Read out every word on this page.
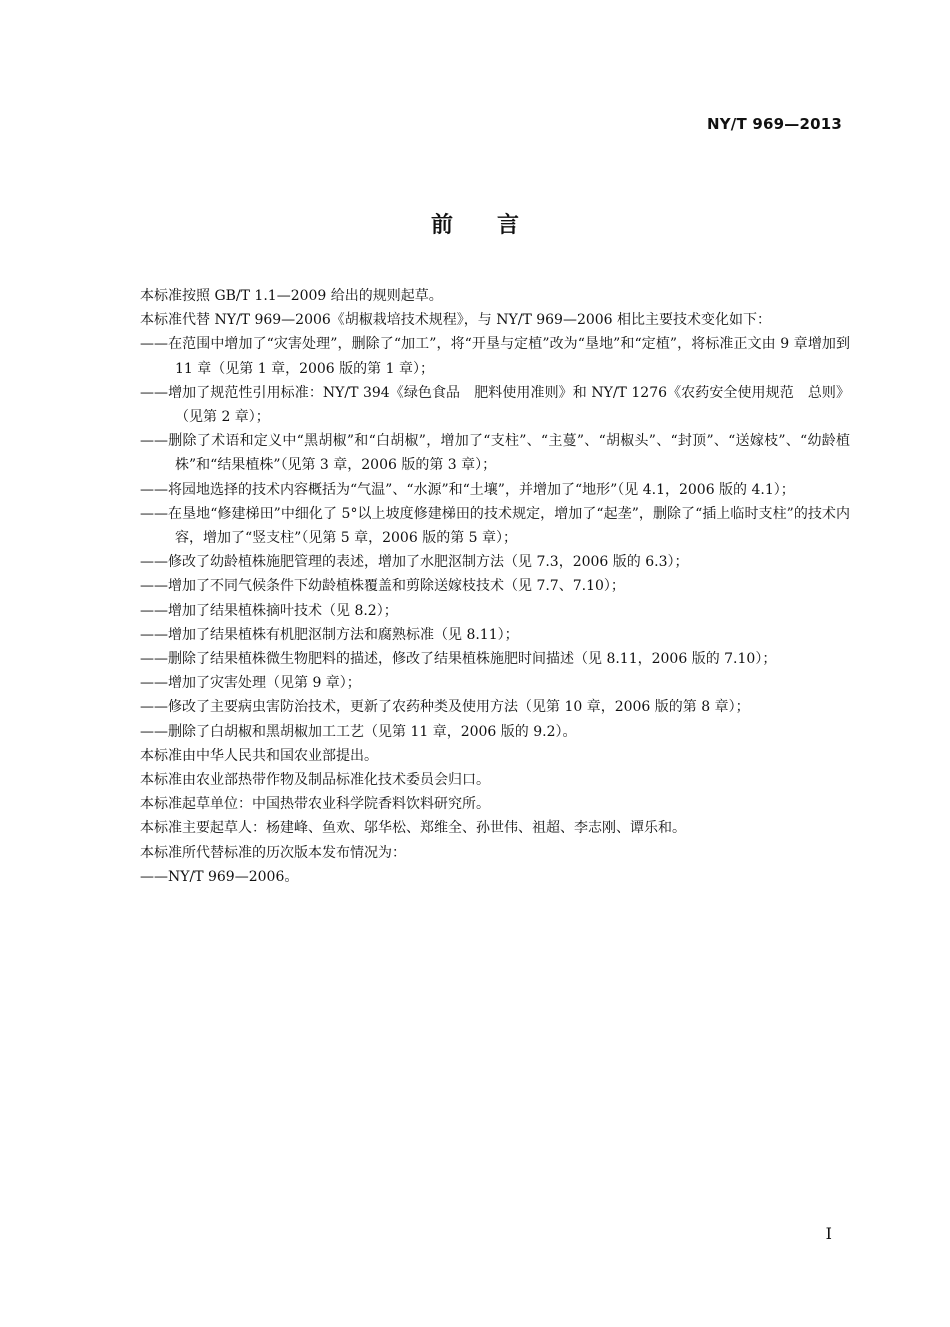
NY/T 969—2013
前言

本标准按照 GB/T 1.1—2009 给出的规则起草。

本标准代替 NY/T 969—2006《胡椒栽培技术规程》，与 NY/T 969—2006 相比主要技术变化如下：

——在范围中增加了“灾害处理”，删除了“加工”，将“开垦与定植”改为“垦地”和“定植”，将标准正文由 9 章增加到 11 章（见第 1 章，2006 版的第 1 章）；

——增加了规范性引用标准：NY/T 394《绿色食品　肥料使用准则》和 NY/T 1276《农药安全使用规范　总则》（见第 2 章）；

——删除了术语和定义中“黑胡椒”和“白胡椒”，增加了“支柱”、“主蔓”、“胡椒头”、“封顶”、“送嫁枝”、“幼龄植株”和“结果植株”（见第 3 章，2006 版的第 3 章）；

——将园地选择的技术内容概括为“气温”、“水源”和“土壤”，并增加了“地形”（见 4.1，2006 版的 4.1）；

——在垦地“修建梯田”中细化了 5°以上坡度修建梯田的技术规定，增加了“起垄”，删除了“插上临时支柱”的技术内容，增加了“竖支柱”（见第 5 章，2006 版的第 5 章）；

——修改了幼龄植株施肥管理的表述，增加了水肥沤制方法（见 7.3，2006 版的 6.3）；

——增加了不同气候条件下幼龄植株覆盖和剪除送嫁枝技术（见 7.7、7.10）；

——增加了结果植株摘叶技术（见 8.2）；

——增加了结果植株有机肥沤制方法和腐熟标准（见 8.11）；

——删除了结果植株微生物肥料的描述，修改了结果植株施肥时间描述（见 8.11，2006 版的 7.10）；

——增加了灾害处理（见第 9 章）；

——修改了主要病虫害防治技术，更新了农药种类及使用方法（见第 10 章，2006 版的第 8 章）；

——删除了白胡椒和黑胡椒加工工艺（见第 11 章，2006 版的 9.2）。

本标准由中华人民共和国农业部提出。

本标准由农业部热带作物及制品标准化技术委员会归口。

本标准起草单位：中国热带农业科学院香料饮料研究所。

本标准主要起草人：杨建峰、鱼欢、邬华松、郑维全、孙世伟、祖超、李志刚、谭乐和。

本标准所代替标准的历次版本发布情况为：

——NY/T 969—2006。

I
